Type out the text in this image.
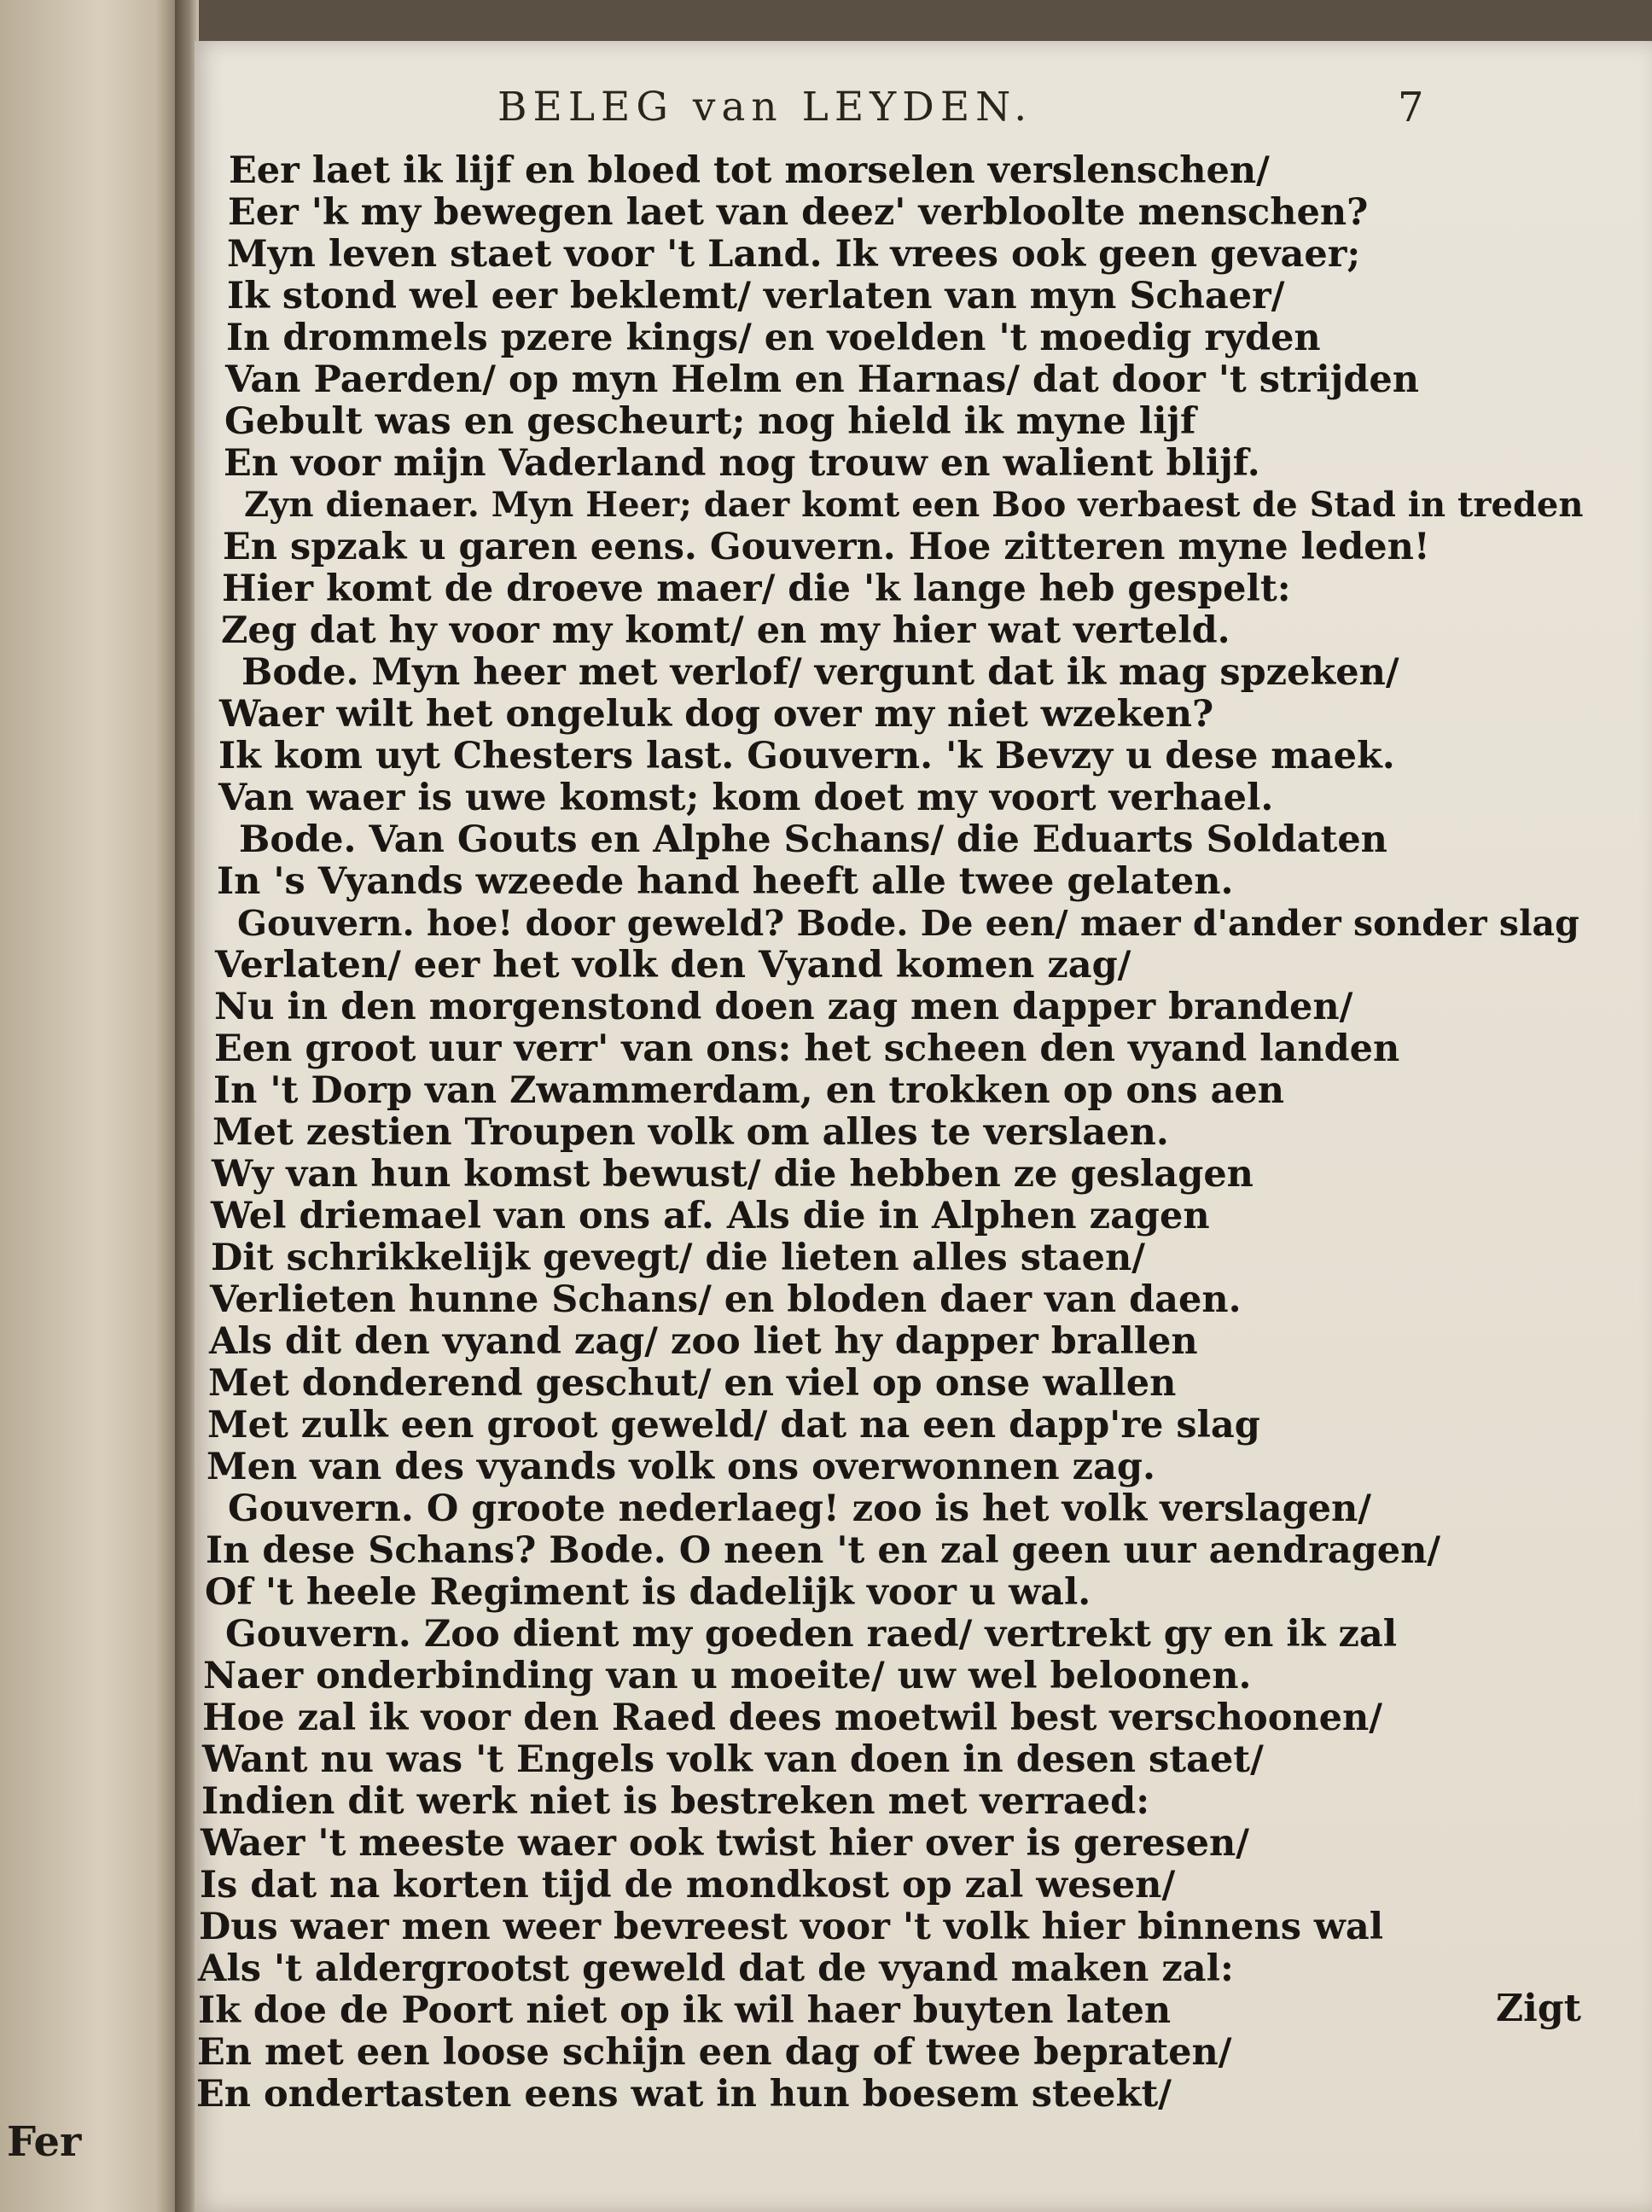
Fer
BELEG van LEYDEN.	7
Eer laet ik lijf en bloed tot morselen verslenschen/
Eer 'k my bewegen laet van deez' verbloolte menschen?
Myn leven staet voor 't Land. Ik vrees ook geen gevaer;
Ik stond wel eer beklemt/ verlaten van myn Schaer/
In drommels pzere kings/ en voelden 't moedig ryden
Van Paerden/ op myn Helm en Harnas/ dat door 't strijden
Gebult was en gescheurt; nog hield ik myne lijf
En voor mijn Vaderland nog trouw en walient blijf.
Zyn dienaer. Myn Heer; daer komt een Boo verbaest de Stad in treden
En spzak u garen eens. Gouvern. Hoe zitteren myne leden!
Hier komt de droeve maer/ die 'k lange heb gespelt:
Zeg dat hy voor my komt/ en my hier wat verteld.
Bode. Myn heer met verlof/ vergunt dat ik mag spzeken/
Waer wilt het ongeluk dog over my niet wzeken?
Ik kom uyt Chesters last. Gouvern. 'k Bevzy u dese maek.
Van waer is uwe komst; kom doet my voort verhael.
Bode. Van Gouts en Alphe Schans/ die Eduarts Soldaten
In 's Vyands wzeede hand heeft alle twee gelaten.
Gouvern. hoe! door geweld? Bode. De een/ maer d'ander sonder slag
Verlaten/ eer het volk den Vyand komen zag/
Nu in den morgenstond doen zag men dapper branden/
Een groot uur verr' van ons: het scheen den vyand landen
In 't Dorp van Zwammerdam, en trokken op ons aen
Met zestien Troupen volk om alles te verslaen.
Wy van hun komst bewust/ die hebben ze geslagen
Wel driemael van ons af. Als die in Alphen zagen
Dit schrikkelijk gevegt/ die lieten alles staen/
Verlieten hunne Schans/ en bloden daer van daen.
Als dit den vyand zag/ zoo liet hy dapper brallen
Met donderend geschut/ en viel op onse wallen
Met zulk een groot geweld/ dat na een dapp're slag
Men van des vyands volk ons overwonnen zag.
Gouvern. O groote nederlaeg! zoo is het volk verslagen/
In dese Schans? Bode. O neen 't en zal geen uur aendragen/
Of 't heele Regiment is dadelijk voor u wal.
Gouvern. Zoo dient my goeden raed/ vertrekt gy en ik zal
Naer onderbinding van u moeite/ uw wel beloonen.
Hoe zal ik voor den Raed dees moetwil best verschoonen/
Want nu was 't Engels volk van doen in desen staet/
Indien dit werk niet is bestreken met verraed:
Waer 't meeste waer ook twist hier over is geresen/
Is dat na korten tijd de mondkost op zal wesen/
Dus waer men weer bevreest voor 't volk hier binnens wal
Als 't aldergrootst geweld dat de vyand maken zal:
Ik doe de Poort niet op ik wil haer buyten laten
En met een loose schijn een dag of twee bepraten/
En ondertasten eens wat in hun boesem steekt/
Zigt
